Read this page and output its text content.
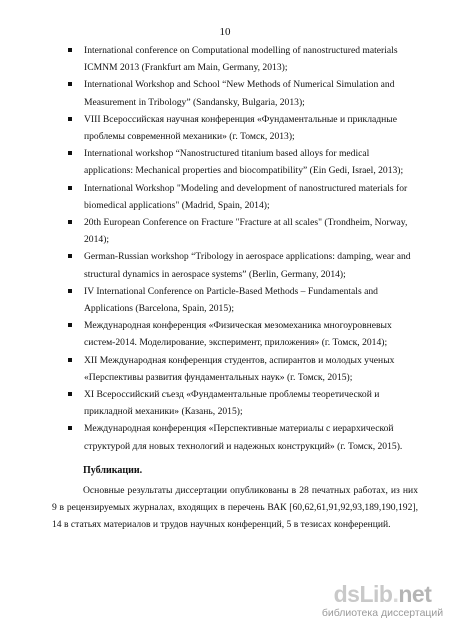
10
International conference on Computational modelling of nanostructured materials ICMNM 2013 (Frankfurt am Main, Germany, 2013);
International Workshop and School “New Methods of Numerical Simulation and Measurement in Tribology” (Sandansky, Bulgaria, 2013);
VIII Всероссийская научная конференция «Фундаментальные и прикладные проблемы современной механики» (г. Томск, 2013);
International workshop “Nanostructured titanium based alloys for medical applications: Mechanical properties and biocompatibility” (Ein Gedi, Israel, 2013);
International Workshop "Modeling and development of nanostructured materials for biomedical applications" (Madrid, Spain, 2014);
20th European Conference on Fracture "Fracture at all scales" (Trondheim, Norway, 2014);
German-Russian workshop “Tribology in aerospace applications: damping, wear and structural dynamics in aerospace systems” (Berlin, Germany, 2014);
IV International Conference on Particle-Based Methods – Fundamentals and Applications (Barcelona, Spain, 2015);
Международная конференция «Физическая мезомеханика многоуровневых систем-2014. Моделирование, эксперимент, приложения» (г. Томск, 2014);
XII Международная конференция студентов, аспирантов и молодых ученых «Перспективы развития фундаментальных наук» (г. Томск, 2015);
XI Всероссийский съезд «Фундаментальные проблемы теоретической и прикладной механики» (Казань, 2015);
Международная конференция «Перспективные материалы с иерархической структурой для новых технологий и надежных конструкций» (г. Томск, 2015).
Публикации.

Основные результаты диссертации опубликованы в 28 печатных работах, из них 9 в рецензируемых журналах, входящих в перечень ВАК [60,62,61,91,92,93,189,190,192], 14 в статьях материалов и трудов научных конференций, 5 в тезисах конференций.

dsLib.net
библиотека диссертаций
